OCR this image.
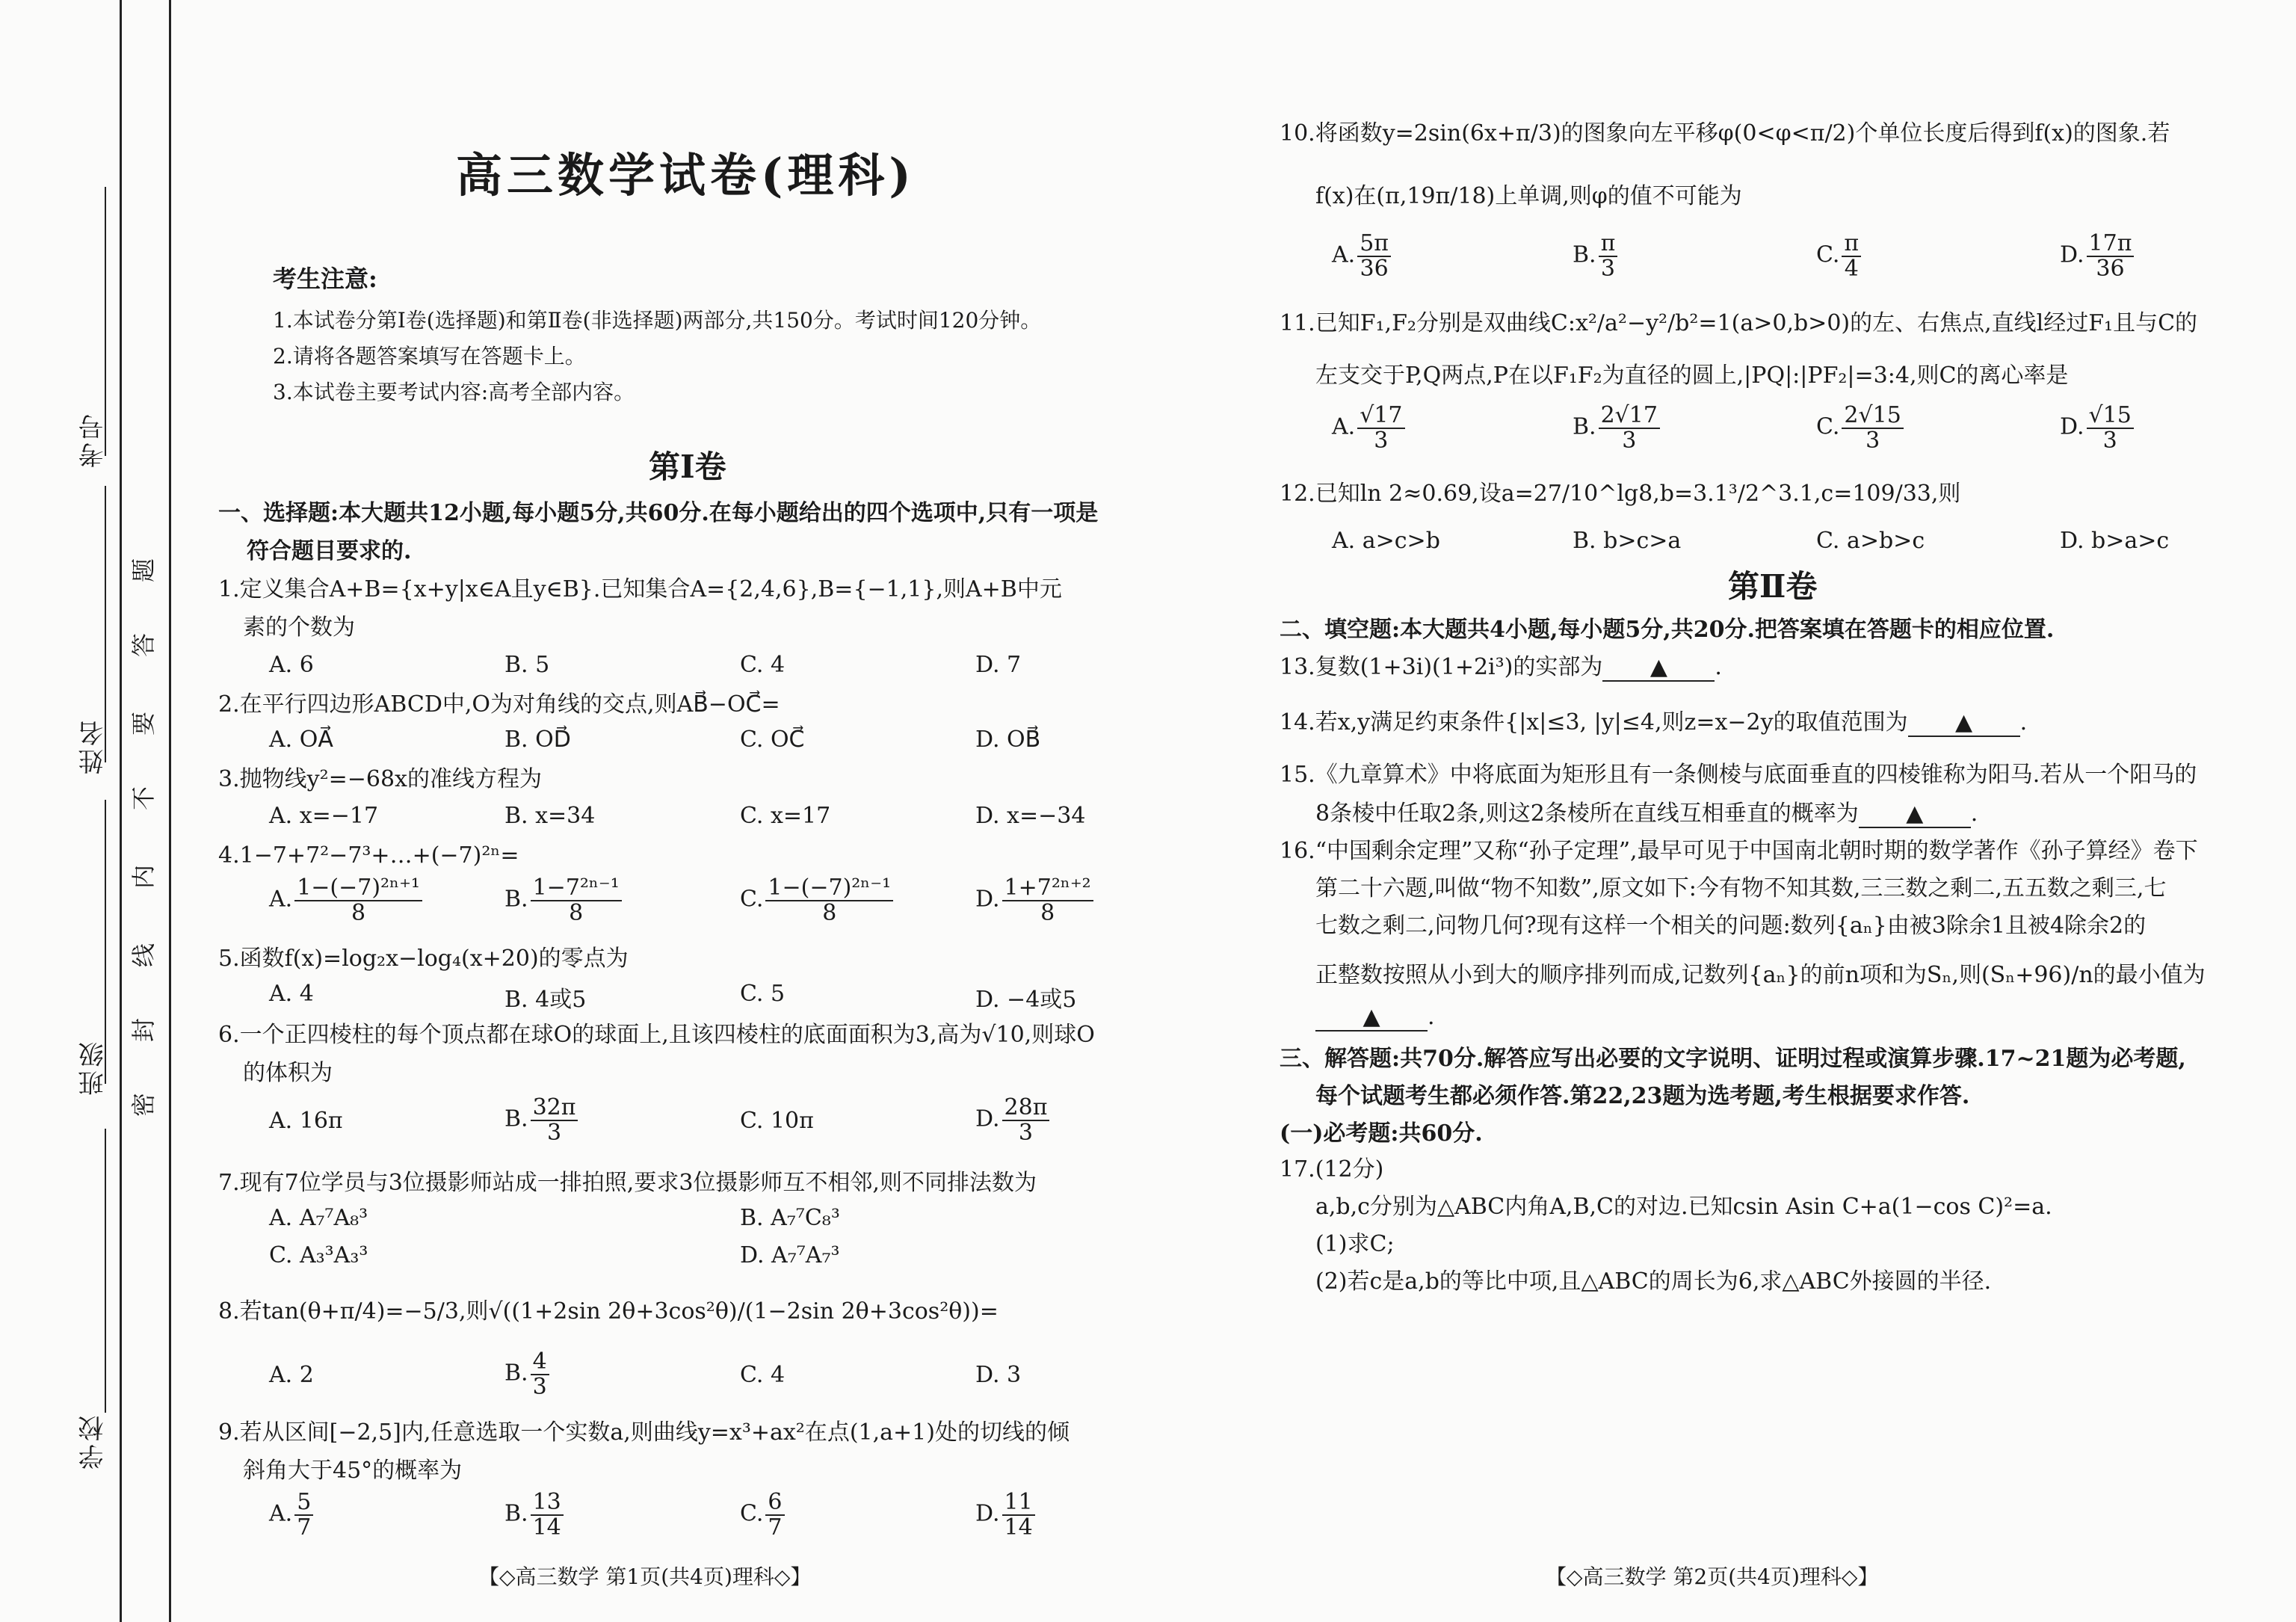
考号
姓名
班级
学校
题
答
要
不
内
线
封
密
高三数学试卷(理科)
考生注意:
1.本试卷分第Ⅰ卷(选择题)和第Ⅱ卷(非选择题)两部分,共150分。考试时间120分钟。
2.请将各题答案填写在答题卡上。
3.本试卷主要考试内容:高考全部内容。
第Ⅰ卷
一、选择题:本大题共12小题,每小题5分,共60分.在每小题给出的四个选项中,只有一项是
符合题目要求的.
1.定义集合A+B={x+y|x∈A且y∈B}.已知集合A={2,4,6},B={−1,1},则A+B中元
素的个数为
A. 6	B. 5	C. 4	D. 7
2.在平行四边形ABCD中,O为对角线的交点,则AB⃗−OC⃗=
A. OA⃗	B. OD⃗	C. OC⃗	D. OB⃗
3.抛物线y²=−68x的准线方程为
A. x=−17	B. x=34	C. x=17	D. x=−34
4.1−7+7²−7³+…+(−7)²ⁿ=
A. $\frac{\text{1−(−7)²ⁿ⁺¹}}{8}$	B. $\frac{\text{1−7²ⁿ⁻¹}}{8}$	C. $\frac{\text{1−(−7)²ⁿ⁻¹}}{8}$	D. $\frac{\text{1+7²ⁿ⁺²}}{8}$
5.函数f(x)=log₂x−log₄(x+20)的零点为
A. 4	B. 4或5	C. 5	D. −4或5
6.一个正四棱柱的每个顶点都在球O的球面上,且该四棱柱的底面面积为3,高为√10,则球O
的体积为
A. 16π	B. $\frac{32\pi}{3}$	C. 10π	D. $\frac{28\pi}{3}$
7.现有7位学员与3位摄影师站成一排拍照,要求3位摄影师互不相邻,则不同排法数为
A. A₇⁷A₈³	B. A₇⁷C₈³
C. A₃³A₃³	D. A₇⁷A₇³
8.若tan(θ+π/4)=−5/3,则√((1+2sin 2θ+3cos²θ)/(1−2sin 2θ+3cos²θ))=
A. 2	B. $\frac{4}{3}$	C. 4	D. 3
9.若从区间[−2,5]内,任意选取一个实数a,则曲线y=x³+ax²在点(1,a+1)处的切线的倾
斜角大于45°的概率为
A. $\frac{5}{7}$	B. $\frac{13}{14}$	C. $\frac{6}{7}$	D. $\frac{11}{14}$
【◇高三数学 第1页(共4页)理科◇】
10.将函数y=2sin(6x+π/3)的图象向左平移φ(0<φ<π/2)个单位长度后得到f(x)的图象.若
f(x)在(π,19π/18)上单调,则φ的值不可能为
A. $\frac{5\pi}{36}$	B. $\frac{\pi}{3}$	C. $\frac{\pi}{4}$	D. $\frac{17\pi}{36}$
11.已知F₁,F₂分别是双曲线C:x²/a²−y²/b²=1(a>0,b>0)的左、右焦点,直线l经过F₁且与C的
左支交于P,Q两点,P在以F₁F₂为直径的圆上,|PQ|:|PF₂|=3:4,则C的离心率是
A. $\frac{√17}{3}$	B. $\frac{2√17}{3}$	C. $\frac{2√15}{3}$	D. $\frac{√15}{3}$
12.已知ln 2≈0.69,设a=27/10^lg8,b=3.1³/2^3.1,c=109/33,则
A. a>c>b	B. b>c>a	C. a>b>c	D. b>a>c
第Ⅱ卷
二、填空题:本大题共4小题,每小题5分,共20分.把答案填在答题卡的相应位置.
13.复数(1+3i)(1+2i³)的实部为 ▲ .
14.若x,y满足约束条件{|x|≤3, |y|≤4,则z=x−2y的取值范围为 ▲ .
15.《九章算术》中将底面为矩形且有一条侧棱与底面垂直的四棱锥称为阳马.若从一个阳马的
8条棱中任取2条,则这2条棱所在直线互相垂直的概率为 ▲ .
16.“中国剩余定理”又称“孙子定理”,最早可见于中国南北朝时期的数学著作《孙子算经》卷下
第二十六题,叫做“物不知数”,原文如下:今有物不知其数,三三数之剩二,五五数之剩三,七
七数之剩二,问物几何?现有这样一个相关的问题:数列{aₙ}由被3除余1且被4除余2的
正整数按照从小到大的顺序排列而成,记数列{aₙ}的前n项和为Sₙ,则(Sₙ+96)/n的最小值为
▲ .
三、解答题:共70分.解答应写出必要的文字说明、证明过程或演算步骤.17~21题为必考题,
每个试题考生都必须作答.第22,23题为选考题,考生根据要求作答.
(一)必考题:共60分.
17.(12分)
a,b,c分别为△ABC内角A,B,C的对边.已知csin Asin C+a(1−cos C)²=a.
(1)求C;
(2)若c是a,b的等比中项,且△ABC的周长为6,求△ABC外接圆的半径.
【◇高三数学 第2页(共4页)理科◇】
